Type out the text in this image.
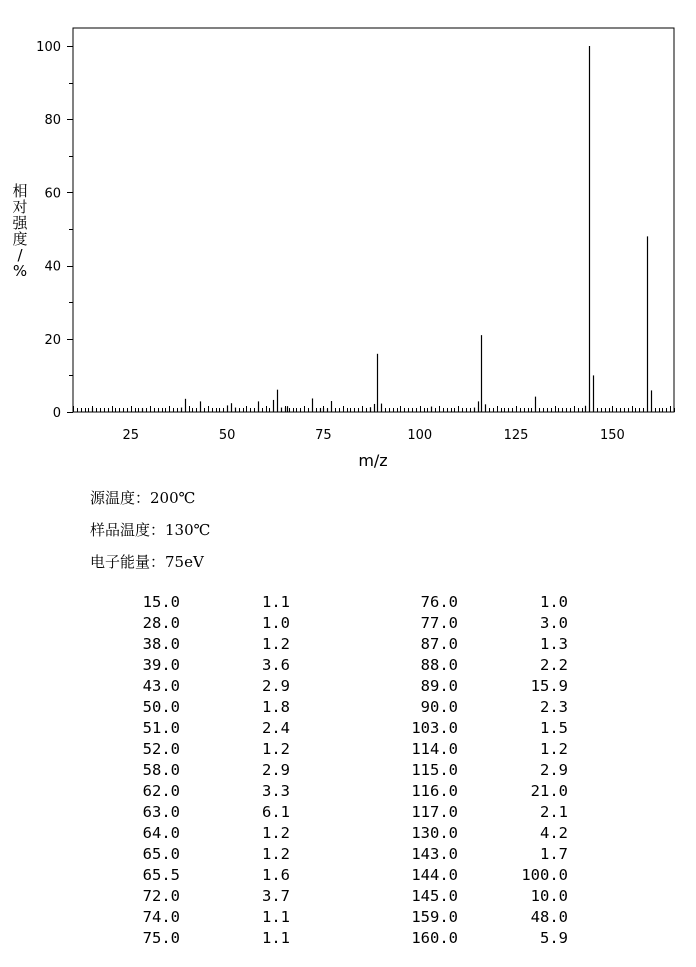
25	50	75	100	125	150
0
20
40
60
80
100
m/z
相
对
强
度
/
%
源温度：200℃
样品温度：130℃
电子能量：75eV
15.0	1.1	76.0	1.0
28.0	1.0	77.0	3.0
38.0	1.2	87.0	1.3
39.0	3.6	88.0	2.2
43.0	2.9	89.0	15.9
50.0	1.8	90.0	2.3
51.0	2.4	103.0	1.5
52.0	1.2	114.0	1.2
58.0	2.9	115.0	2.9
62.0	3.3	116.0	21.0
63.0	6.1	117.0	2.1
64.0	1.2	130.0	4.2
65.0	1.2	143.0	1.7
65.5	1.6	144.0	100.0
72.0	3.7	145.0	10.0
74.0	1.1	159.0	48.0
75.0	1.1	160.0	5.9
